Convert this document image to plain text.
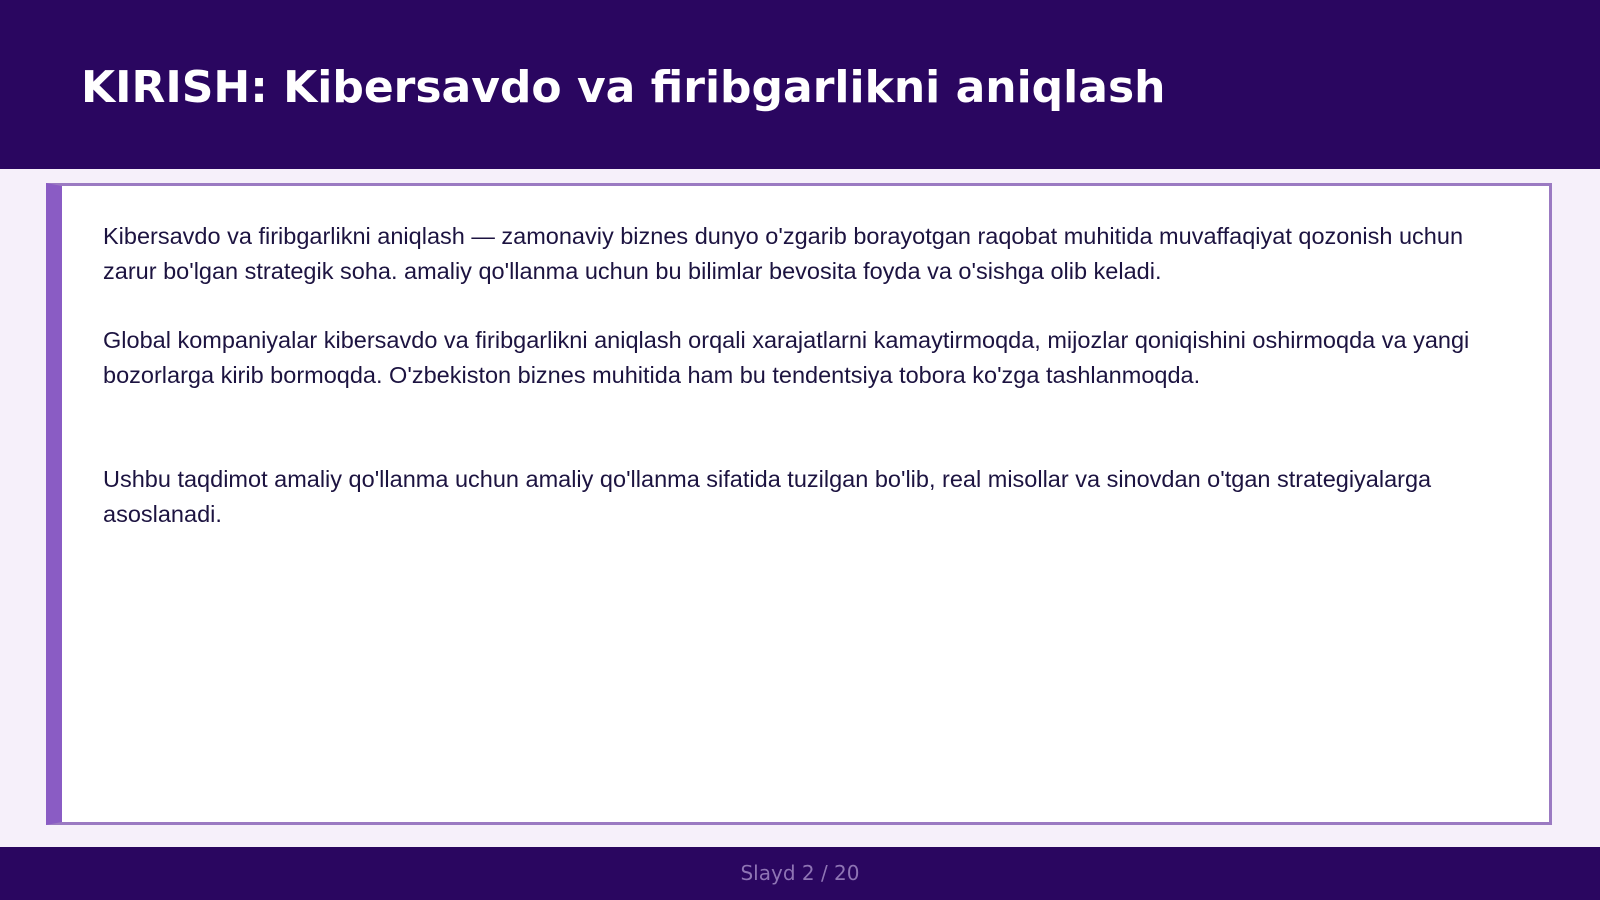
KIRISH: Kibersavdo va firibgarlikni aniqlash

Kibersavdo va firibgarlikni aniqlash — zamonaviy biznes dunyo o'zgarib borayotgan raqobat muhitida muvaffaqiyat qozonish uchun zarur bo'lgan strategik soha. amaliy qo'llanma uchun bu bilimlar bevosita foyda va o'sishga olib keladi.

Global kompaniyalar kibersavdo va firibgarlikni aniqlash orqali xarajatlarni kamaytirmoqda, mijozlar qoniqishini oshirmoqda va yangi bozorlarga kirib bormoqda. O'zbekiston biznes muhitida ham bu tendentsiya tobora ko'zga tashlanmoqda.

Ushbu taqdimot amaliy qo'llanma uchun amaliy qo'llanma sifatida tuzilgan bo'lib, real misollar va sinovdan o'tgan strategiyalarga asoslanadi.

Slayd 2 / 20
